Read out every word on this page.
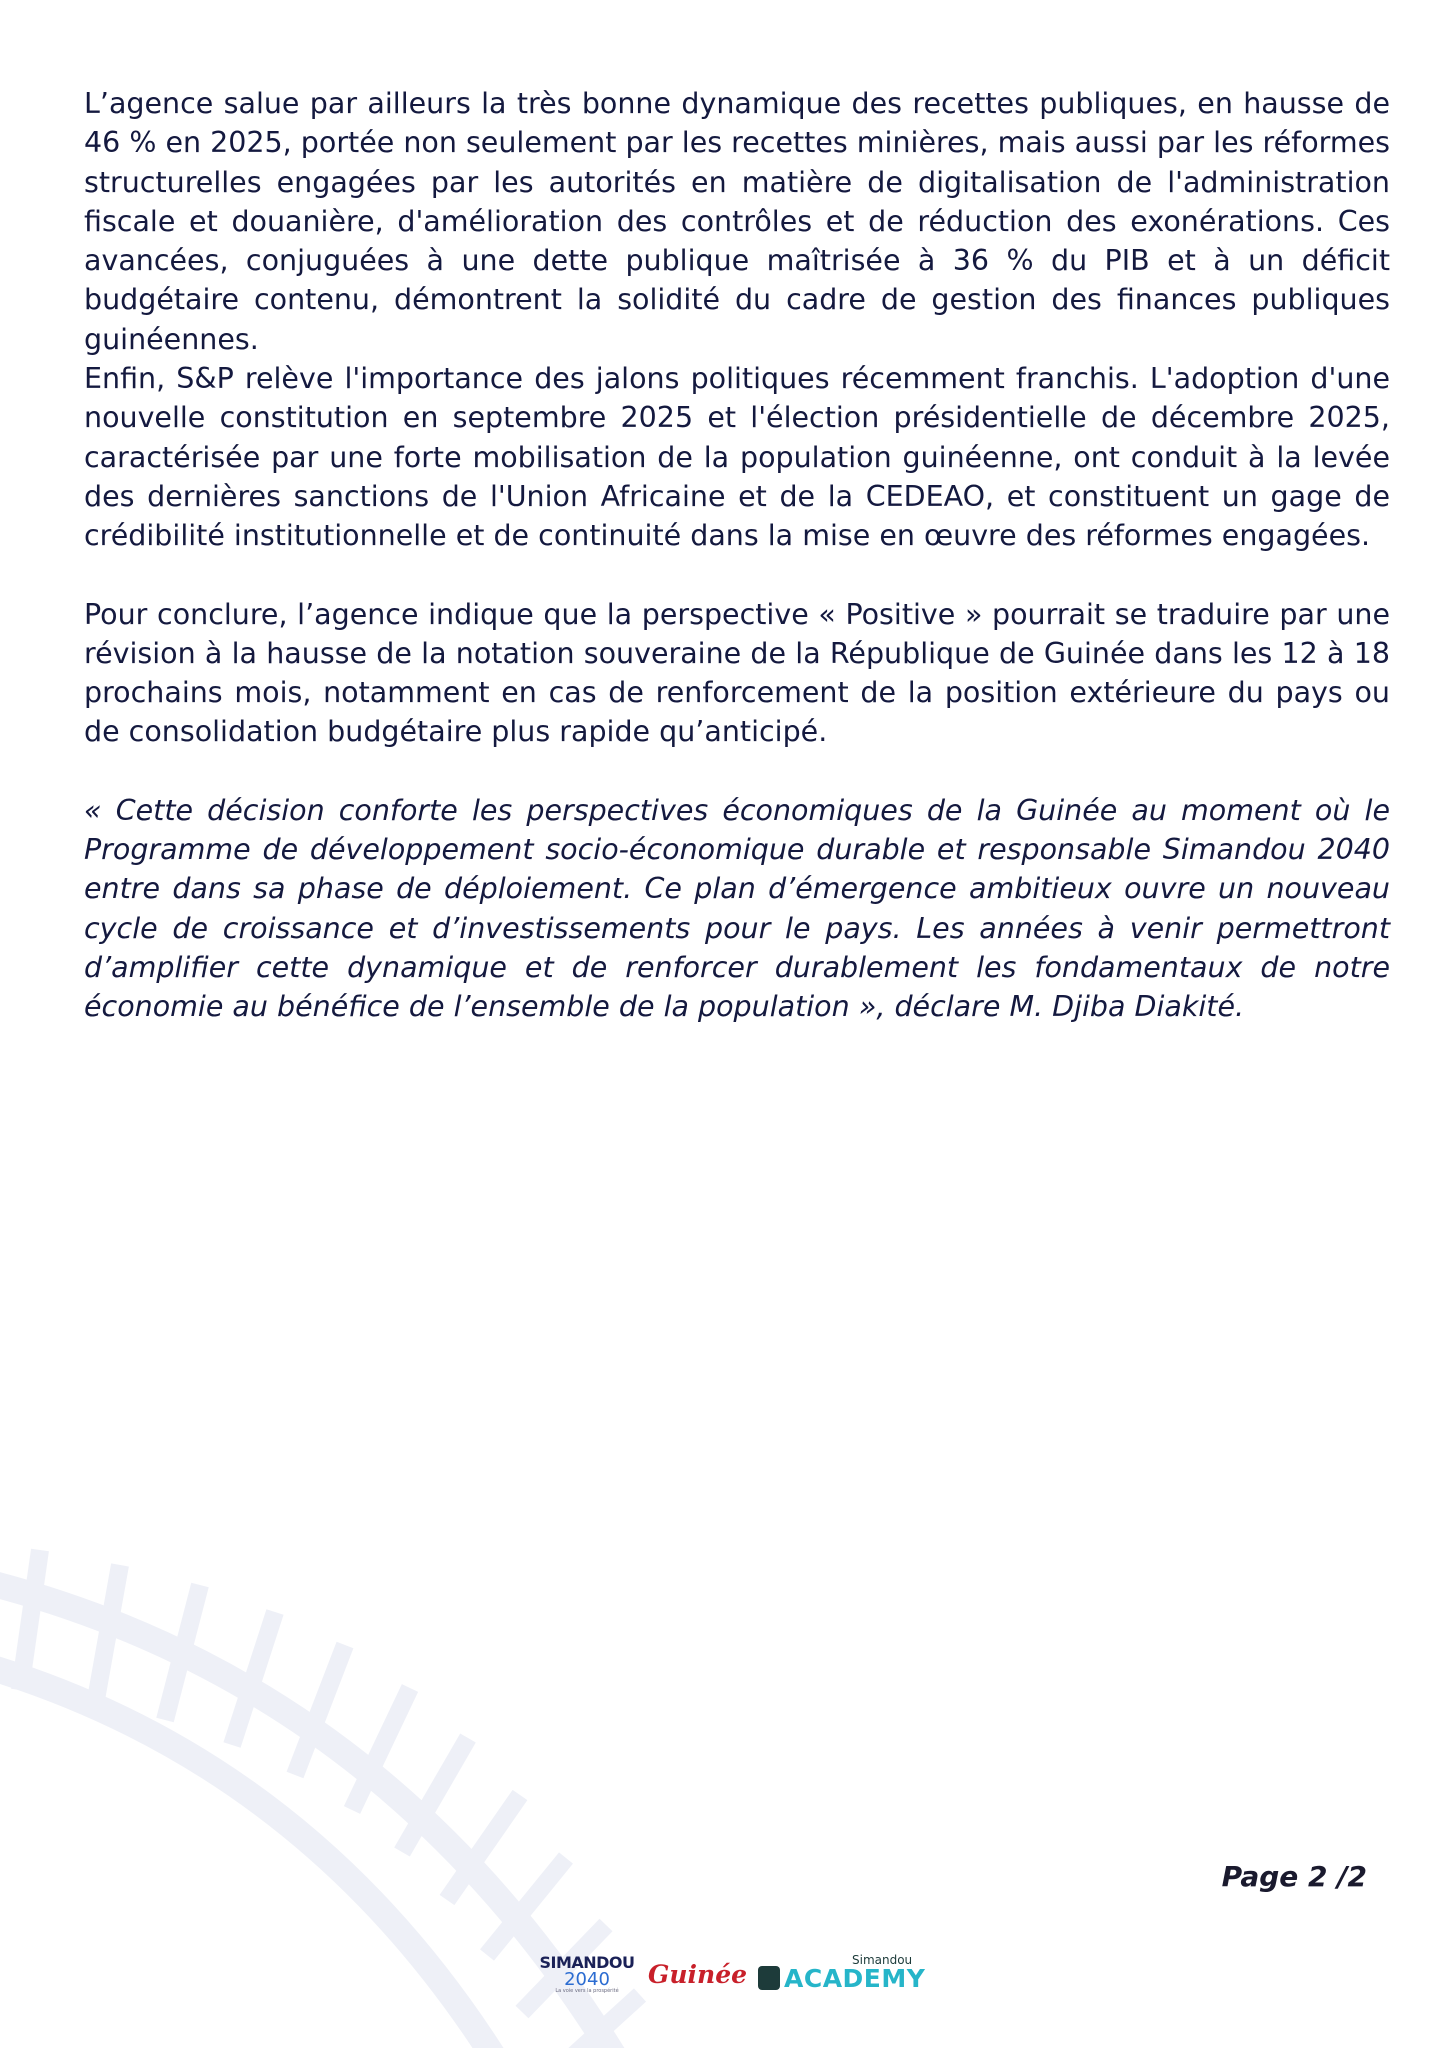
L’agence salue par ailleurs la très bonne dynamique des recettes publiques, en hausse de 46 % en 2025, portée non seulement par les recettes minières, mais aussi par les réformes structurelles engagées par les autorités en matière de digitalisation de l'administration fiscale et douanière, d'amélioration des contrôles et de réduction des exonérations. Ces avancées, conjuguées à une dette publique maîtrisée à 36 % du PIB et à un déficit budgétaire contenu, démontrent la solidité du cadre de gestion des finances publiques guinéennes.

Enfin, S&P relève l'importance des jalons politiques récemment franchis. L'adoption d'une nouvelle constitution en septembre 2025 et l'élection présidentielle de décembre 2025, caractérisée par une forte mobilisation de la population guinéenne, ont conduit à la levée des dernières sanctions de l'Union Africaine et de la CEDEAO, et constituent un gage de crédibilité institutionnelle et de continuité dans la mise en œuvre des réformes engagées.

Pour conclure, l’agence indique que la perspective « Positive » pourrait se traduire par une révision à la hausse de la notation souveraine de la République de Guinée dans les 12 à 18 prochains mois, notamment en cas de renforcement de la position extérieure du pays ou de consolidation budgétaire plus rapide qu’anticipé.

« Cette décision conforte les perspectives économiques de la Guinée au moment où le Programme de développement socio-économique durable et responsable Simandou 2040 entre dans sa phase de déploiement. Ce plan d’émergence ambitieux ouvre un nouveau cycle de croissance et d’investissements pour le pays. Les années à venir permettront d’amplifier cette dynamique et de renforcer durablement les fondamentaux de notre économie au bénéfice de l’ensemble de la population », déclare M. Djiba Diakité.

Page 2 /2
SIMANDOU
2040
La voie vers la prospérité
Guinée	Simandou
ACADEMY
